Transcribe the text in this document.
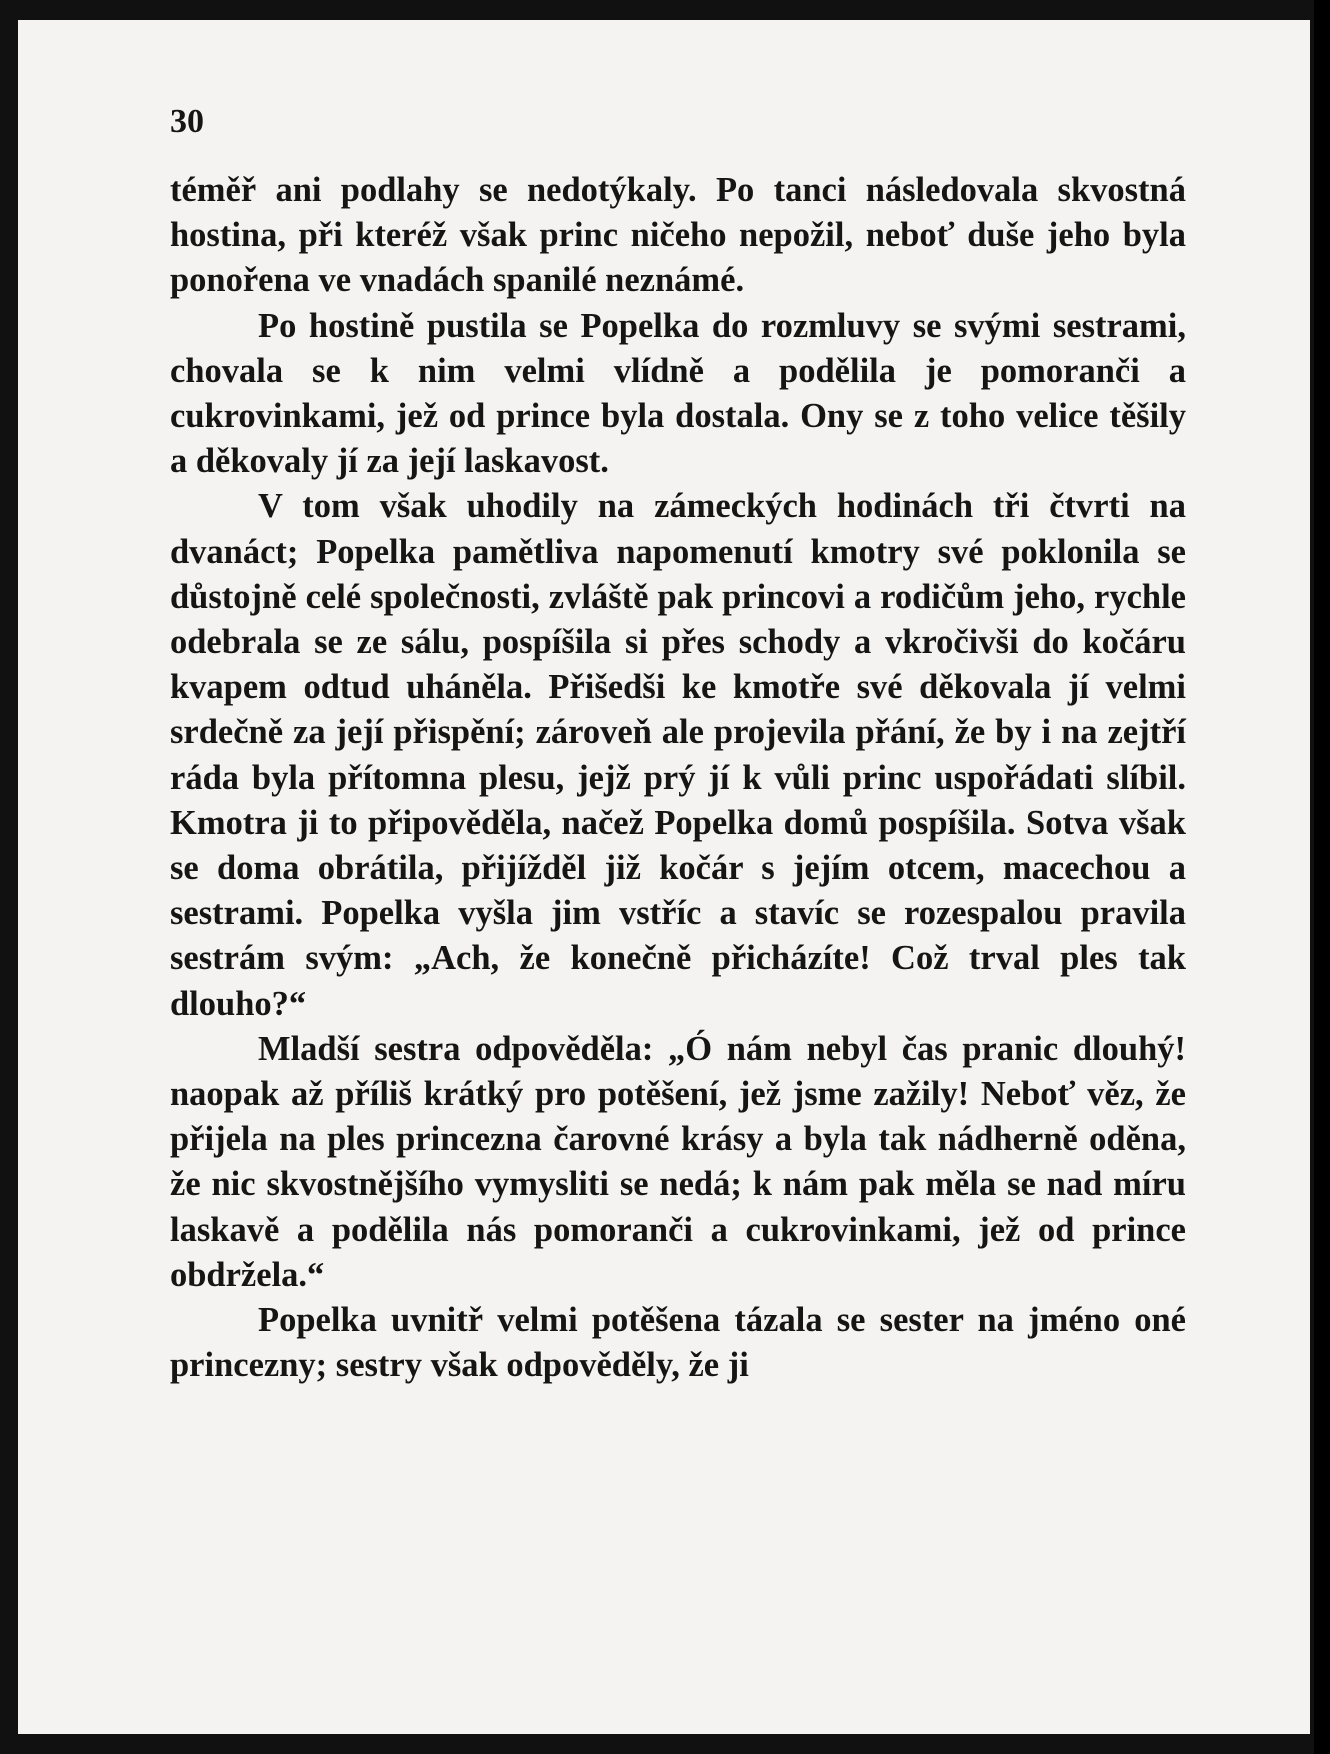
30

téměř ani podlahy se nedotýkaly. Po tanci následovala skvostná hostina, při kteréž však princ ničeho nepožil, neboť duše jeho byla ponořena ve vnadách spanilé neznámé.

Po hostině pustila se Popelka do rozmluvy se svými sestrami, chovala se k nim velmi vlídně a podělila je pomoranči a cukrovinkami, jež od prince byla dostala. Ony se z toho velice těšily a děkovaly jí za její laskavost.

V tom však uhodily na zámeckých hodinách tři čtvrti na dvanáct; Popelka pamětliva napomenutí kmotry své poklonila se důstojně celé společnosti, zvláště pak princovi a rodičům jeho, rychle odebrala se ze sálu, pospíšila si přes schody a vkročivši do kočáru kvapem odtud uháněla. Přišedši ke kmotře své děkovala jí velmi srdečně za její přispění; zároveň ale projevila přání, že by i na zejtří ráda byla přítomna plesu, jejž prý jí k vůli princ uspořádati slíbil. Kmotra ji to připověděla, načež Popelka domů pospíšila. Sotva však se doma obrátila, přijížděl již kočár s jejím otcem, macechou a sestrami. Popelka vyšla jim vstříc a stavíc se rozespalou pravila sestrám svým: „Ach, že konečně přicházíte! Což trval ples tak dlouho?“

Mladší sestra odpověděla: „Ó nám nebyl čas pranic dlouhý! naopak až příliš krátký pro potěšení, jež jsme zažily! Neboť věz, že přijela na ples princezna čarovné krásy a byla tak nádherně oděna, že nic skvostnějšího vymysliti se nedá; k nám pak měla se nad míru laskavě a podělila nás pomoranči a cukrovinkami, jež od prince obdržela.“

Popelka uvnitř velmi potěšena tázala se sester na jméno oné princezny; sestry však odpověděly, že ji
